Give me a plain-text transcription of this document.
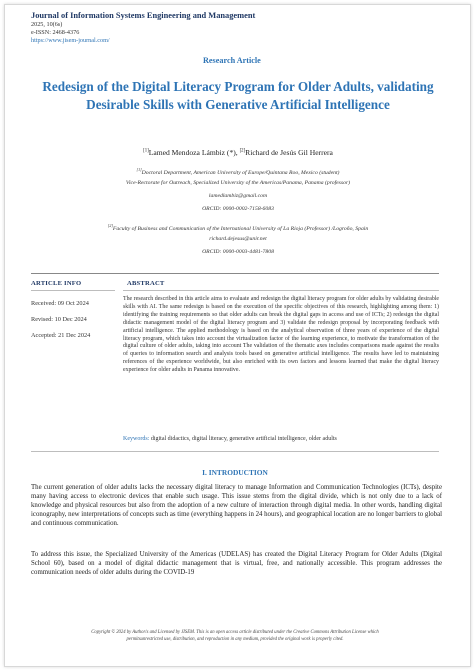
Journal of Information Systems Engineering and Management
2025, 10(6s)
e-ISSN: 2468-4376
https://www.jisem-journal.com/
Research Article
Redesign of the Digital Literacy Program for Older Adults, validating Desirable Skills with Generative Artificial Intelligence
[1]Lamed Mendoza Lámbiz (*), [2]Richard de Jesús Gil Herrera
[1]Doctoral Department, American University of Europe/Quintana Roo, Mexico (student)
Vice-Rectorate for Outreach, Specialized University of the Americas/Panama, Panama (professor)
lamedlambiz@gmail.com
ORCID: 0000-0002-7158-6083
[2]Faculty of Business and Communication of the International University of La Rioja (Professor) /Logroño, Spain
richard.dejesus@unir.net
ORCID: 0000-0003-4481-7808
ARTICLE INFO	ABSTRACT
Received: 09 Oct 2024
Revised: 10 Dec 2024
Accepted: 21 Dec 2024
The research described in this article aims to evaluate and redesign the digital literacy program for older adults by validating desirable skills with AI. The same redesign is based on the execution of the specific objectives of this research, highlighting among them: 1) identifying the training requirements so that older adults can break the digital gaps in access and use of ICTs; 2) redesign the digital didactic management model of the digital literacy program and 3) validate the redesign proposal by incorporating feedback with artificial intelligence. The applied methodology is based on the analytical observation of three years of experience of the digital literacy program, which takes into account the virtualization factor of the learning experience, to motivate the transformation of the digital culture of older adults, taking into account The validation of the thematic axes includes comparisons made against the results of queries to information search and analysis tools based on generative artificial intelligence. The results have led to maintaining references of the experience worldwide, but also enriched with its own factors and lessons learned that make the digital literacy experience for older adults in Panama innovative.
Keywords: digital didactics, digital literacy, generative artificial intelligence, older adults
I. INTRODUCTION
The current generation of older adults lacks the necessary digital literacy to manage Information and Communication Technologies (ICTs), despite many having access to electronic devices that enable such usage. This issue stems from the digital divide, which is not only due to a lack of knowledge and physical resources but also from the adoption of a new culture of interaction through digital media. In other words, handling digital iconography, new interpretations of concepts such as time (everything happens in 24 hours), and geographical location are no longer barriers to global and continuous communication.
To address this issue, the Specialized University of the Americas (UDELAS) has created the Digital Literacy Program for Older Adults (Digital School 60), based on a model of digital didactic management that is virtual, free, and nationally accessible. This program addresses the communication needs of older adults during the COVID-19
Copyright © 2024 by Author/s and Licensed by JISEM. This is an open access article distributed under the Creative Commons Attribution License which
permitsunrestricted use, distribution, and reproduction in any medium, provided the original work is properly cited.
